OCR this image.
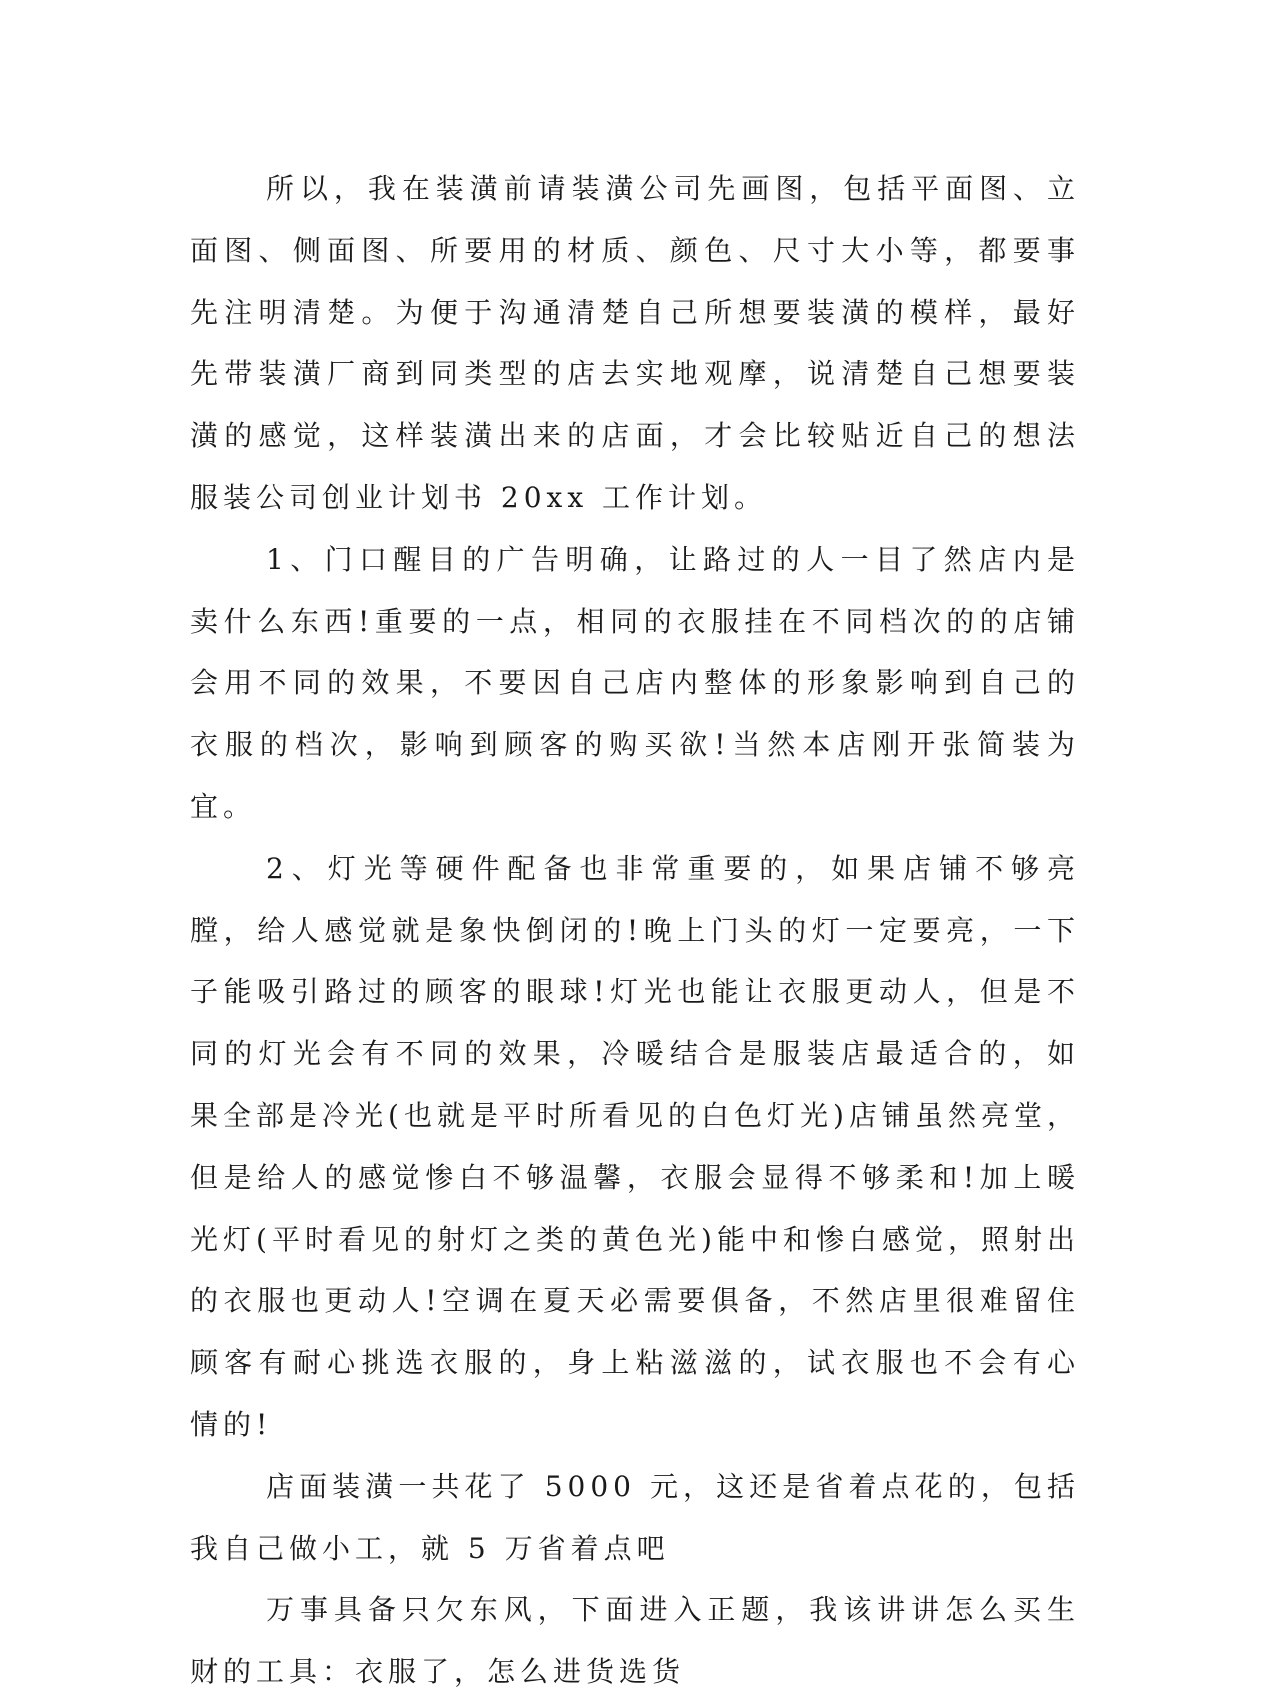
所以，我在装潢前请装潢公司先画图，包括平面图、立面图、侧面图、所要用的材质、颜色、尺寸大小等，都要事先注明清楚。为便于沟通清楚自己所想要装潢的模样，最好先带装潢厂商到同类型的店去实地观摩，说清楚自己想要装潢的感觉，这样装潢出来的店面，才会比较贴近自己的想法服装公司创业计划书 20xx 工作计划。

1、门口醒目的广告明确，让路过的人一目了然店内是卖什么东西!重要的一点，相同的衣服挂在不同档次的的店铺会用不同的效果，不要因自己店内整体的形象影响到自己的衣服的档次，影响到顾客的购买欲!当然本店刚开张简装为宜。

2、灯光等硬件配备也非常重要的，如果店铺不够亮膛，给人感觉就是象快倒闭的!晚上门头的灯一定要亮，一下子能吸引路过的顾客的眼球!灯光也能让衣服更动人，但是不同的灯光会有不同的效果，冷暖结合是服装店最适合的，如果全部是冷光(也就是平时所看见的白色灯光)店铺虽然亮堂，但是给人的感觉惨白不够温馨，衣服会显得不够柔和!加上暖光灯(平时看见的射灯之类的黄色光)能中和惨白感觉，照射出的衣服也更动人!空调在夏天必需要俱备，不然店里很难留住顾客有耐心挑选衣服的，身上粘滋滋的，试衣服也不会有心情的!

店面装潢一共花了 5000 元，这还是省着点花的，包括我自己做小工，就 5 万省着点吧

万事具备只欠东风，下面进入正题，我该讲讲怎么买生财的工具：衣服了，怎么进货选货
